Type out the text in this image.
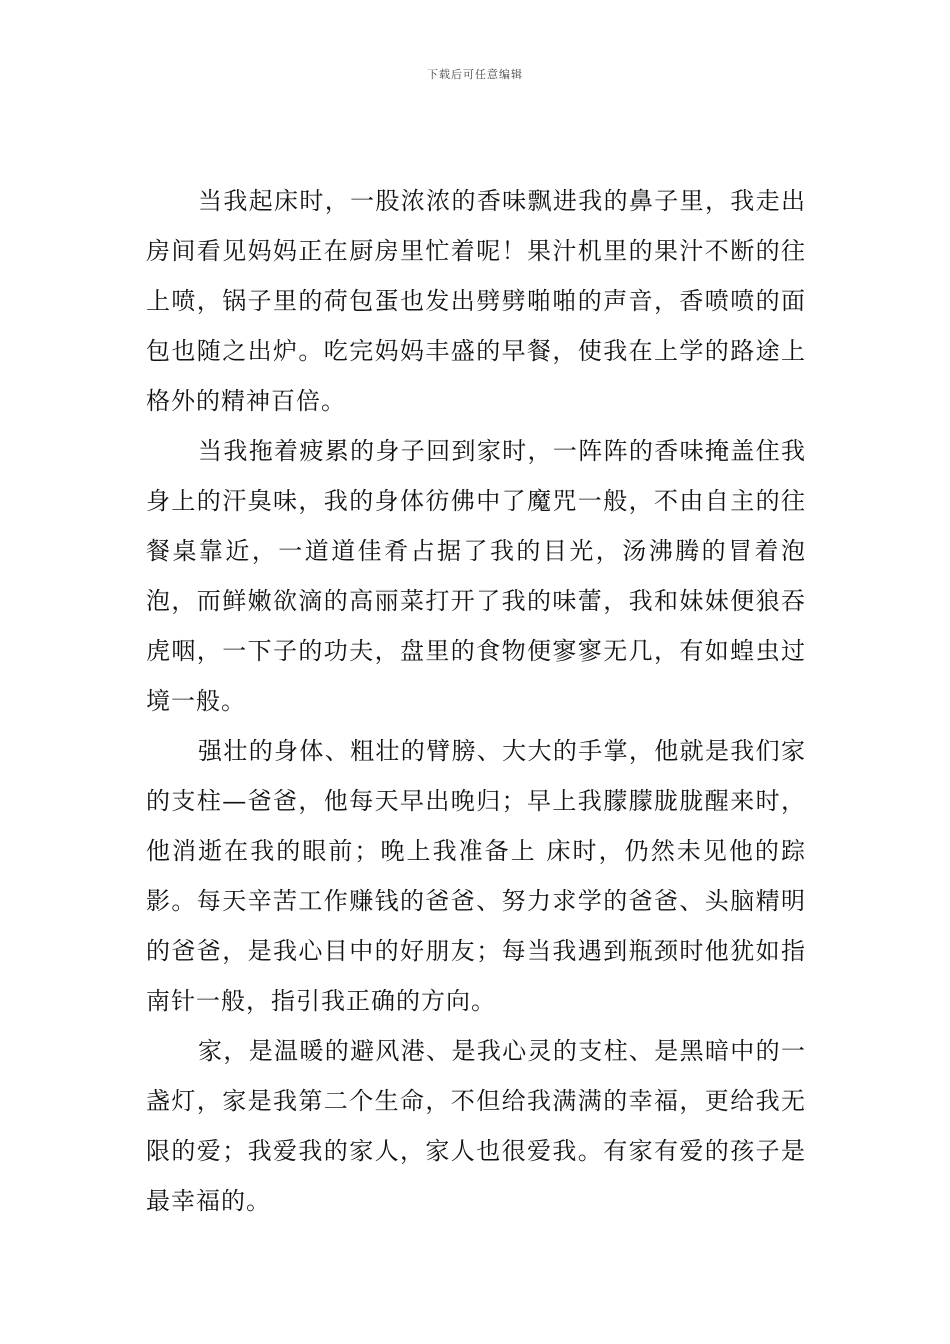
下载后可任意编辑

当我起床时，一股浓浓的香味飘进我的鼻子里，我走出房间看见妈妈正在厨房里忙着呢！果汁机里的果汁不断的往上喷，锅子里的荷包蛋也发出劈劈啪啪的声音，香喷喷的面包也随之出炉。吃完妈妈丰盛的早餐，使我在上学的路途上格外的精神百倍。

当我拖着疲累的身子回到家时，一阵阵的香味掩盖住我身上的汗臭味，我的身体彷佛中了魔咒一般，不由自主的往餐桌靠近，一道道佳肴占据了我的目光，汤沸腾的冒着泡泡，而鲜嫩欲滴的高丽菜打开了我的味蕾，我和妹妹便狼吞虎咽，一下子的功夫，盘里的食物便寥寥无几，有如蝗虫过境一般。

强壮的身体、粗壮的臂膀、大大的手掌，他就是我们家的支柱—爸爸，他每天早出晚归；早上我朦朦胧胧醒来时，他消逝在我的眼前；晚上我准备上 床时，仍然未见他的踪影。每天辛苦工作赚钱的爸爸、努力求学的爸爸、头脑精明的爸爸，是我心目中的好朋友；每当我遇到瓶颈时他犹如指南针一般，指引我正确的方向。

家，是温暖的避风港、是我心灵的支柱、是黑暗中的一盏灯，家是我第二个生命，不但给我满满的幸福，更给我无限的爱；我爱我的家人，家人也很爱我。有家有爱的孩子是最幸福的。
